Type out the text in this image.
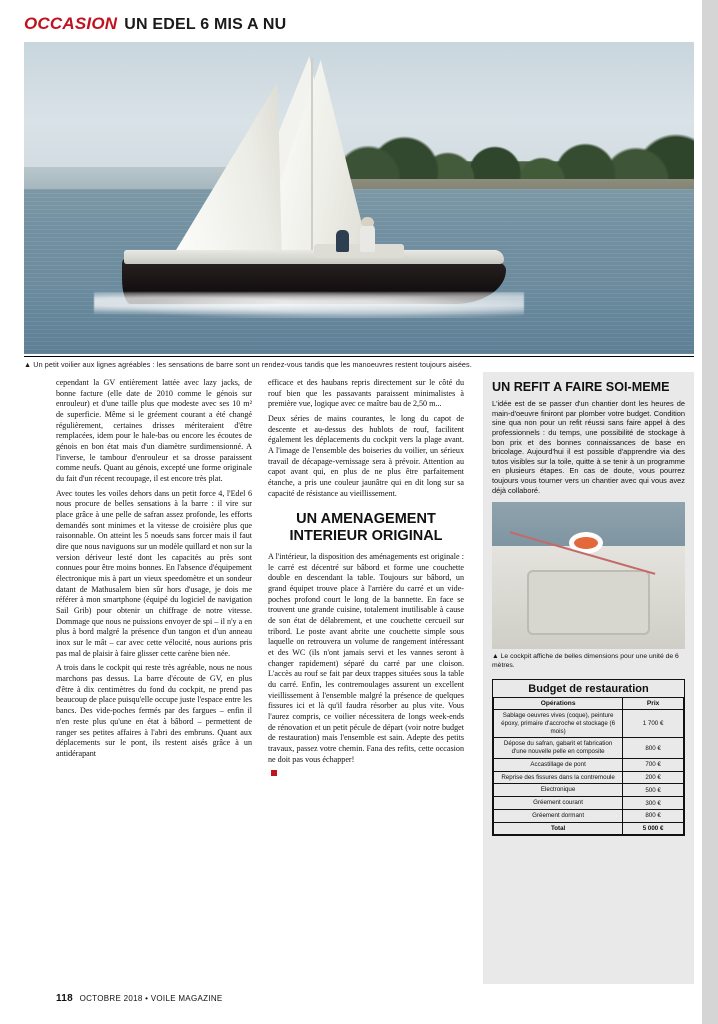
OCCASION UN EDEL 6 MIS A NU
▲ Un petit voilier aux lignes agréables : les sensations de barre sont un rendez-vous tandis que les manoeuvres restent toujours aisées.

cependant la GV entièrement lattée avec lazy jacks, de bonne facture (elle date de 2010 comme le génois sur enrouleur) et d'une taille plus que modeste avec ses 10 m² de superficie. Même si le gréement courant a été changé régulièrement, certaines drisses mériteraient d'être remplacées, idem pour le hale-bas ou encore les écoutes de génois en bon état mais d'un diamètre surdimensionné. A l'inverse, le tambour d'enrouleur et sa drosse paraissent comme neufs. Quant au génois, excepté une forme originale du fait d'un récent recoupage, il est encore très plat.

Avec toutes les voiles dehors dans un petit force 4, l'Edel 6 nous procure de belles sensations à la barre : il vire sur place grâce à une pelle de safran assez profonde, les efforts demandés sont minimes et la vitesse de croisière plus que raisonnable. On atteint les 5 noeuds sans forcer mais il faut dire que nous naviguons sur un modèle quillard et non sur la version dériveur lesté dont les capacités au près sont connues pour être moins bonnes. En l'absence d'équipement électronique mis à part un vieux speedomètre et un sondeur datant de Mathusalem bien sûr hors d'usage, je dois me référer à mon smartphone (équipé du logiciel de navigation Sail Grib) pour obtenir un chiffrage de notre vitesse. Dommage que nous ne puissions envoyer de spi – il n'y a en plus à bord malgré la présence d'un tangon et d'un anneau inox sur le mât – car avec cette vélocité, nous aurions pris pas mal de plaisir à faire glisser cette carène bien née.

A trois dans le cockpit qui reste très agréable, nous ne nous marchons pas dessus. La barre d'écoute de GV, en plus d'être à dix centimètres du fond du cockpit, ne prend pas beaucoup de place puisqu'elle occupe juste l'espace entre les bancs. Des vide-poches fermés par des fargues – enfin il n'en reste plus qu'une en état à bâbord – permettent de ranger ses petites affaires à l'abri des embruns. Quant aux déplacements sur le pont, ils restent aisés grâce à un antidérapant

efficace et des haubans repris directement sur le côté du rouf bien que les passavants paraissent minimalistes à première vue, logique avec ce maître bau de 2,50 m...

Deux séries de mains courantes, le long du capot de descente et au-dessus des hublots de rouf, facilitent également les déplacements du cockpit vers la plage avant. A l'image de l'ensemble des boiseries du voilier, un sérieux travail de décapage-vernissage sera à prévoir. Attention au capot avant qui, en plus de ne plus être parfaitement étanche, a pris une couleur jaunâtre qui en dit long sur sa capacité de résistance au vieillissement.

UN AMENAGEMENT INTERIEUR ORIGINAL

A l'intérieur, la disposition des aménagements est originale : le carré est décentré sur bâbord et forme une couchette double en descendant la table. Toujours sur bâbord, un grand équipet trouve place à l'arrière du carré et un vide-poches profond court le long de la bannette. En face se trouvent une grande cuisine, totalement inutilisable à cause de son état de délabrement, et une couchette cercueil sur tribord. Le poste avant abrite une couchette simple sous laquelle on retrouvera un volume de rangement intéressant et des WC (ils n'ont jamais servi et les vannes seront à changer rapidement) séparé du carré par une cloison. L'accès au rouf se fait par deux trappes situées sous la table du carré. Enfin, les contremoulages assurent un excellent vieillissement à l'ensemble malgré la présence de quelques fissures ici et là qu'il faudra résorber au plus vite. Vous l'aurez compris, ce voilier nécessitera de longs week-ends de rénovation et un petit pécule de départ (voir notre budget de restauration) mais l'ensemble est sain. Adepte des petits travaux, passez votre chemin. Fana des refits, cette occasion ne doit pas vous échapper!

UN REFIT A FAIRE SOI-MEME
L'idée est de se passer d'un chantier dont les heures de main-d'oeuvre finiront par plomber votre budget. Condition sine qua non pour un refit réussi sans faire appel à des professionnels : du temps, une possibilité de stockage à bon prix et des bonnes connaissances de base en bricolage. Aujourd'hui il est possible d'apprendre via des tutos visibles sur la toile, quitte à se tenir à un programme en plusieurs étapes. En cas de doute, vous pourrez toujours vous tourner vers un chantier avec qui vous avez déjà collaboré.
▲ Le cockpit affiche de belles dimensions pour une unité de 6 mètres.
Budget de restauration
Opérations	Prix
Sablage oeuvres vives (coque), peinture époxy, primaire d'accroche et stockage (6 mois)	1 700 €
Dépose du safran, gabarit et fabrication d'une nouvelle pelle en composite	800 €
Accastillage de pont	700 €
Reprise des fissures dans la contremoule	200 €
Electronique	500 €
Gréement courant	300 €
Gréement dormant	800 €
Total	5 000 €
118 OCTOBRE 2018 • VOILE MAGAZINE
